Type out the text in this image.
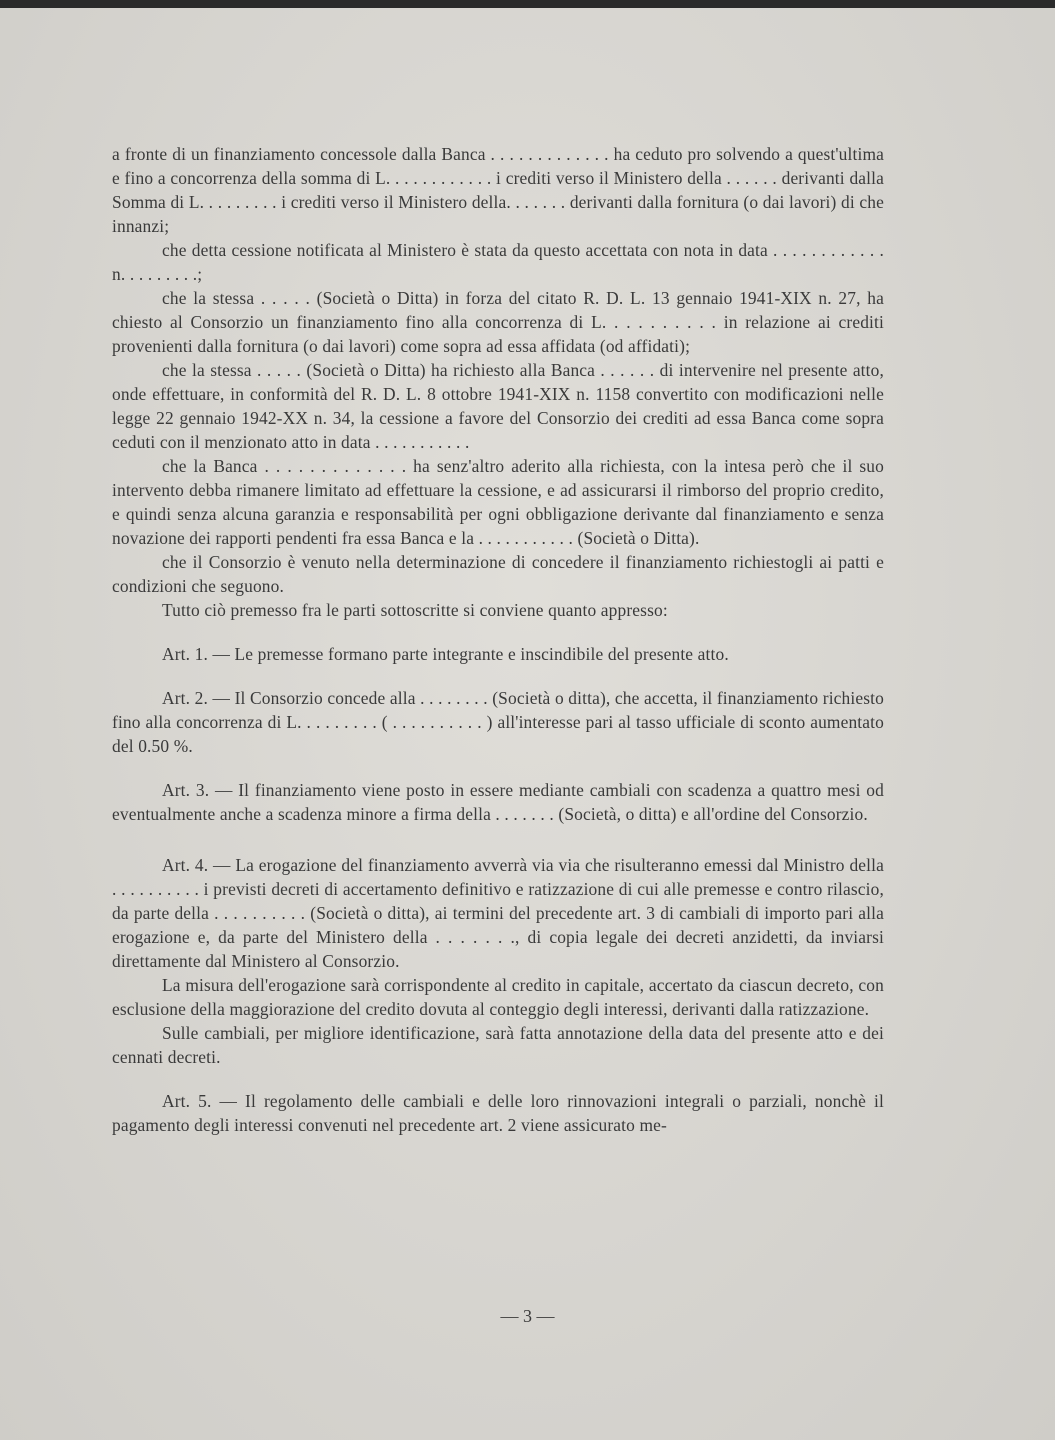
a fronte di un finanziamento concessole dalla Banca . . . . . . . . . . . . . ha ceduto pro solvendo a quest'ultima e fino a concorrenza della somma di L. . . . . . . . . . . . i crediti verso il Ministero della . . . . . . derivanti dalla Somma di L. . . . . . . . . i crediti verso il Ministero della. . . . . . . derivanti dalla fornitura (o dai lavori) di che innanzi;

che detta cessione notificata al Ministero è stata da questo accettata con nota in data . . . . . . . . . . . . n. . . . . . . . .;

che la stessa . . . . . (Società o Ditta) in forza del citato R. D. L. 13 gennaio 1941-XIX n. 27, ha chiesto al Consorzio un finanziamento fino alla concorrenza di L. . . . . . . . . . in relazione ai crediti provenienti dalla fornitura (o dai lavori) come sopra ad essa affidata (od affidati);

che la stessa . . . . . (Società o Ditta) ha richiesto alla Banca . . . . . . di intervenire nel presente atto, onde effettuare, in conformità del R. D. L. 8 ottobre 1941-XIX n. 1158 convertito con modificazioni nelle legge 22 gennaio 1942-XX n. 34, la cessione a favore del Consorzio dei crediti ad essa Banca come sopra ceduti con il menzionato atto in data . . . . . . . . . . .

che la Banca . . . . . . . . . . . . . ha senz'altro aderito alla richiesta, con la intesa però che il suo intervento debba rimanere limitato ad effettuare la cessione, e ad assicurarsi il rimborso del proprio credito, e quindi senza alcuna garanzia e responsabilità per ogni obbligazione derivante dal finanziamento e senza novazione dei rapporti pendenti fra essa Banca e la . . . . . . . . . . . (Società o Ditta).

che il Consorzio è venuto nella determinazione di concedere il finanziamento richiestogli ai patti e condizioni che seguono.

Tutto ciò premesso fra le parti sottoscritte si conviene quanto appresso:

Art. 1. — Le premesse formano parte integrante e inscindibile del presente atto.

Art. 2. — Il Consorzio concede alla . . . . . . . . (Società o ditta), che accetta, il finanziamento richiesto fino alla concorrenza di L. . . . . . . . . ( . . . . . . . . . . ) all'interesse pari al tasso ufficiale di sconto aumentato del 0.50 %.

Art. 3. — Il finanziamento viene posto in essere mediante cambiali con scadenza a quattro mesi od eventualmente anche a scadenza minore a firma della . . . . . . . (Società, o ditta) e all'ordine del Consorzio.

Art. 4. — La erogazione del finanziamento avverrà via via che risulteranno emessi dal Ministro della . . . . . . . . . . i previsti decreti di accertamento definitivo e ratizzazione di cui alle premesse e contro rilascio, da parte della . . . . . . . . . . (Società o ditta), ai termini del precedente art. 3 di cambiali di importo pari alla erogazione e, da parte del Ministero della . . . . . . ., di copia legale dei decreti anzidetti, da inviarsi direttamente dal Ministero al Consorzio.

La misura dell'erogazione sarà corrispondente al credito in capitale, accertato da ciascun decreto, con esclusione della maggiorazione del credito dovuta al conteggio degli interessi, derivanti dalla ratizzazione.

Sulle cambiali, per migliore identificazione, sarà fatta annotazione della data del presente atto e dei cennati decreti.

Art. 5. — Il regolamento delle cambiali e delle loro rinnovazioni integrali o parziali, nonchè il pagamento degli interessi convenuti nel precedente art. 2 viene assicurato me-

— 3 —
